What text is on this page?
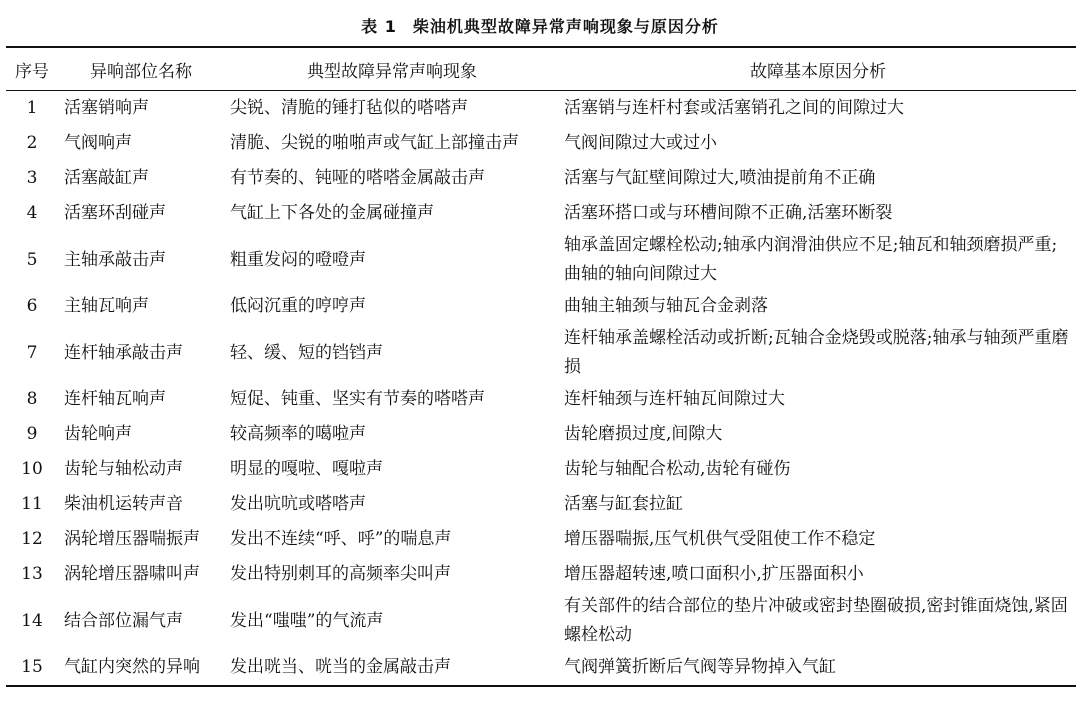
表 1 柴油机典型故障异常声响现象与原因分析
序号	异响部位名称	典型故障异常声响现象	故障基本原因分析
1	活塞销响声	尖锐、清脆的锤打毡似的嗒嗒声	活塞销与连杆村套或活塞销孔之间的间隙过大
2	气阀响声	清脆、尖锐的啪啪声或气缸上部撞击声	气阀间隙过大或过小
3	活塞敲缸声	有节奏的、钝哑的嗒嗒金属敲击声	活塞与气缸壁间隙过大,喷油提前角不正确
4	活塞环刮碰声	气缸上下各处的金属碰撞声	活塞环搭口或与环槽间隙不正确,活塞环断裂
5	主轴承敲击声	粗重发闷的噔噔声	轴承盖固定螺栓松动;轴承内润滑油供应不足;轴瓦和轴颈磨损严重;曲轴的轴向间隙过大
6	主轴瓦响声	低闷沉重的哼哼声	曲轴主轴颈与轴瓦合金剥落
7	连杆轴承敲击声	轻、缓、短的铛铛声	连杆轴承盖螺栓活动或折断;瓦轴合金烧毁或脱落;轴承与轴颈严重磨损
8	连杆轴瓦响声	短促、钝重、坚实有节奏的嗒嗒声	连杆轴颈与连杆轴瓦间隙过大
9	齿轮响声	较高频率的噶啦声	齿轮磨损过度,间隙大
10	齿轮与轴松动声	明显的嘎啦、嘎啦声	齿轮与轴配合松动,齿轮有碰伤
11	柴油机运转声音	发出吭吭或嗒嗒声	活塞与缸套拉缸
12	涡轮增压器喘振声	发出不连续“呼、呼”的喘息声	增压器喘振,压气机供气受阻使工作不稳定
13	涡轮增压器啸叫声	发出特别刺耳的高频率尖叫声	增压器超转速,喷口面积小,扩压器面积小
14	结合部位漏气声	发出“嗤嗤”的气流声	有关部件的结合部位的垫片冲破或密封垫圈破损,密封锥面烧蚀,紧固螺栓松动
15	气缸内突然的异响	发出咣当、咣当的金属敲击声	气阀弹簧折断后气阀等异物掉入气缸
